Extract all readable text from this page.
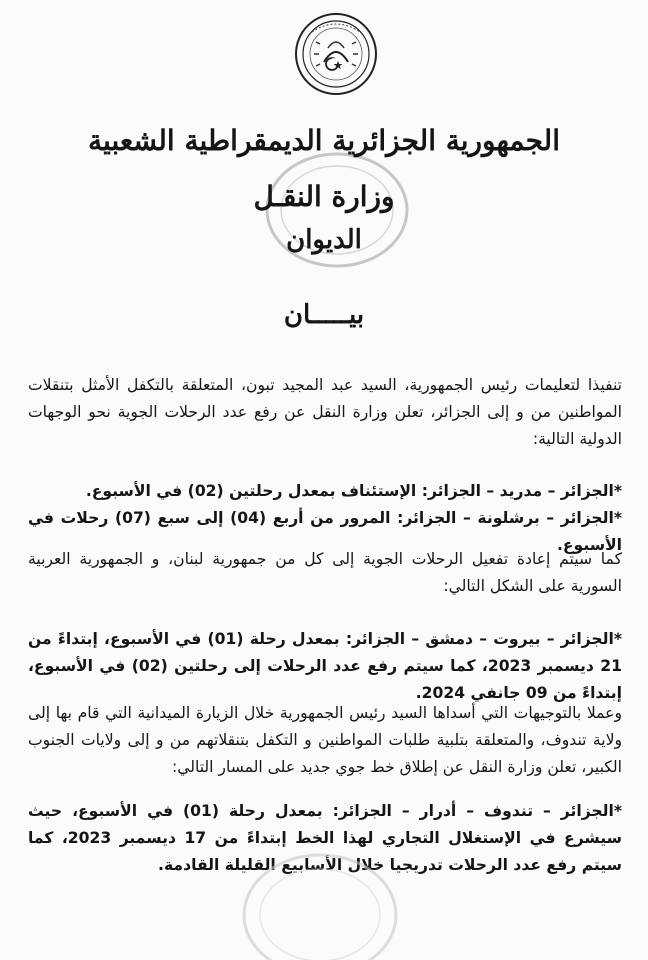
الجمهورية الجزائرية الديمقراطية الشعبية
وزارة النقـل
الديوان
بيـــــان

تنفيذا لتعليمات رئيس الجمهورية، السيد عبد المجيد تبون، المتعلقة بالتكفل الأمثل بتنقلات المواطنين من و إلى الجزائر، تعلن وزارة النقل عن رفع عدد الرحلات الجوية نحو الوجهات الدولية التالية:

*الجزائر – مدريد – الجزائر: الإستئناف بمعدل رحلتين (02) في الأسبوع.
*الجزائر – برشلونة – الجزائر: المرور من أربع (04) إلى سبع (07) رحلات في الأسبوع.

كما سيتم إعادة تفعيل الرحلات الجوية إلى كل من جمهورية لبنان، و الجمهورية العربية السورية على الشكل التالي:

*الجزائر – بيروت – دمشق – الجزائر: بمعدل رحلة (01) في الأسبوع، إبتداءً من 21 ديسمبر 2023، كما سيتم رفع عدد الرحلات إلى رحلتين (02) في الأسبوع، إبتداءً من 09 جانفي 2024.

وعملا بالتوجيهات التي أسداها السيد رئيس الجمهورية خلال الزيارة الميدانية التي قام بها إلى ولاية تندوف، والمتعلقة بتلبية طلبات المواطنين و التكفل بتنقلاتهم من و إلى ولايات الجنوب الكبير، تعلن وزارة النقل عن إطلاق خط جوي جديد على المسار التالي:

*الجزائر – تندوف – أدرار – الجزائر: بمعدل رحلة (01) في الأسبوع، حيث سيشرع في الإستغلال التجاري لهذا الخط إبتداءً من 17 ديسمبر 2023، كما سيتم رفع عدد الرحلات تدريجيا خلال الأسابيع القليلة القادمة.
